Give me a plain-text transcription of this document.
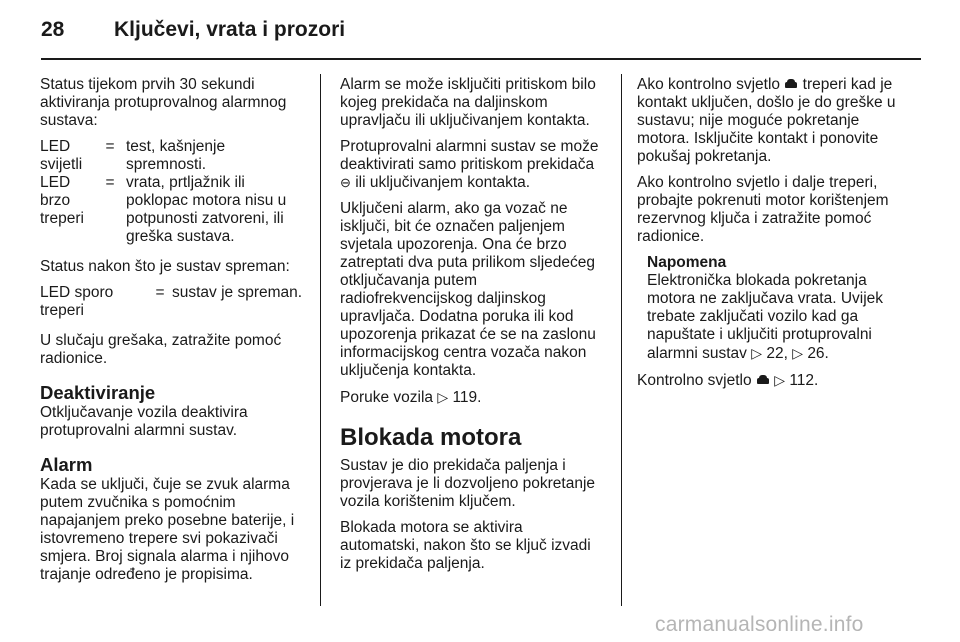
28 Ključevi, vrata i prozori

Status tijekom prvih 30 sekundi aktiviranja protuprovalnog alarmnog sustava:

LED svijetli
= test, kašnjenje spremnosti.
LED brzo treperi
= vrata, prtljažnik ili poklopac motora nisu u potpunosti zatvoreni, ili greška sustava.

Status nakon što je sustav spreman:

LED sporo treperi
= sustav je spreman.

U slučaju grešaka, zatražite pomoć radionice.

Deaktiviranje

Otključavanje vozila deaktivira protuprovalni alarmni sustav.

Alarm

Kada se uključi, čuje se zvuk alarma putem zvučnika s pomoćnim napajanjem preko posebne baterije, i istovremeno trepere svi pokazivači smjera. Broj signala alarma i njihovo trajanje određeno je propisima.

Alarm se može isključiti pritiskom bilo kojeg prekidača na daljinskom upravljaču ili uključivanjem kontakta.

Protuprovalni alarmni sustav se može deaktivirati samo pritiskom prekidača ⊖ ili uključivanjem kontakta.

Uključeni alarm, ako ga vozač ne isključi, bit će označen paljenjem svjetala upozorenja. Ona će brzo zatreptati dva puta prilikom sljedećeg otključavanja putem radiofrekvencijskog daljinskog upravljača. Dodatna poruka ili kod upozorenja prikazat će se na zaslonu informacijskog centra vozača nakon uključenja kontakta.

Poruke vozila ▷ 119.

Blokada motora

Sustav je dio prekidača paljenja i provjerava je li dozvoljeno pokretanje vozila korištenim ključem.

Blokada motora se aktivira automatski, nakon što se ključ izvadi iz prekidača paljenja.

Ako kontrolno svjetlo treperi kad je kontakt uključen, došlo je do greške u sustavu; nije moguće pokretanje motora. Isključite kontakt i ponovite pokušaj pokretanja.

Ako kontrolno svjetlo i dalje treperi, probajte pokrenuti motor korištenjem rezervnog ključa i zatražite pomoć radionice.

Napomena
Elektronička blokada pokretanja motora ne zaključava vrata. Uvijek trebate zaključati vozilo kad ga napuštate i uključiti protuprovalni alarmni sustav ▷ 22, ▷ 26.

Kontrolno svjetlo ▷ 112.

carmanualsonline.info
